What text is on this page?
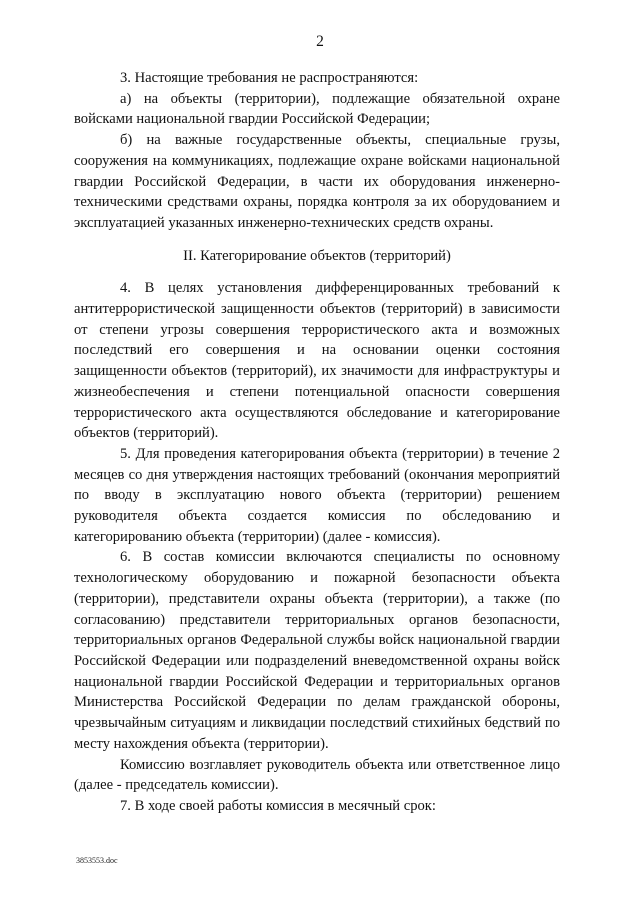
2

3. Настоящие требования не распространяются:

а) на объекты (территории), подлежащие обязательной охране войсками национальной гвардии Российской Федерации;

б) на важные государственные объекты, специальные грузы, сооружения на коммуникациях, подлежащие охране войсками национальной гвардии Российской Федерации, в части их оборудования инженерно-техническими средствами охраны, порядка контроля за их оборудованием и эксплуатацией указанных инженерно-технических средств охраны.

II. Категорирование объектов (территорий)

4. В целях установления дифференцированных требований к антитеррористической защищенности объектов (территорий) в зависимости от степени угрозы совершения террористического акта и возможных последствий его совершения и на основании оценки состояния защищенности объектов (территорий), их значимости для инфраструктуры и жизнеобеспечения и степени потенциальной опасности совершения террористического акта осуществляются обследование и категорирование объектов (территорий).

5. Для проведения категорирования объекта (территории) в течение 2 месяцев со дня утверждения настоящих требований (окончания мероприятий по вводу в эксплуатацию нового объекта (территории) решением руководителя объекта создается комиссия по обследованию и категорированию объекта (территории) (далее - комиссия).

6. В состав комиссии включаются специалисты по основному технологическому оборудованию и пожарной безопасности объекта (территории), представители охраны объекта (территории), а также (по согласованию) представители территориальных органов безопасности, территориальных органов Федеральной службы войск национальной гвардии Российской Федерации или подразделений вневедомственной охраны войск национальной гвардии Российской Федерации и территориальных органов Министерства Российской Федерации по делам гражданской обороны, чрезвычайным ситуациям и ликвидации последствий стихийных бедствий по месту нахождения объекта (территории).

Комиссию возглавляет руководитель объекта или ответственное лицо (далее - председатель комиссии).

7. В ходе своей работы комиссия в месячный срок:

3853553.doc
